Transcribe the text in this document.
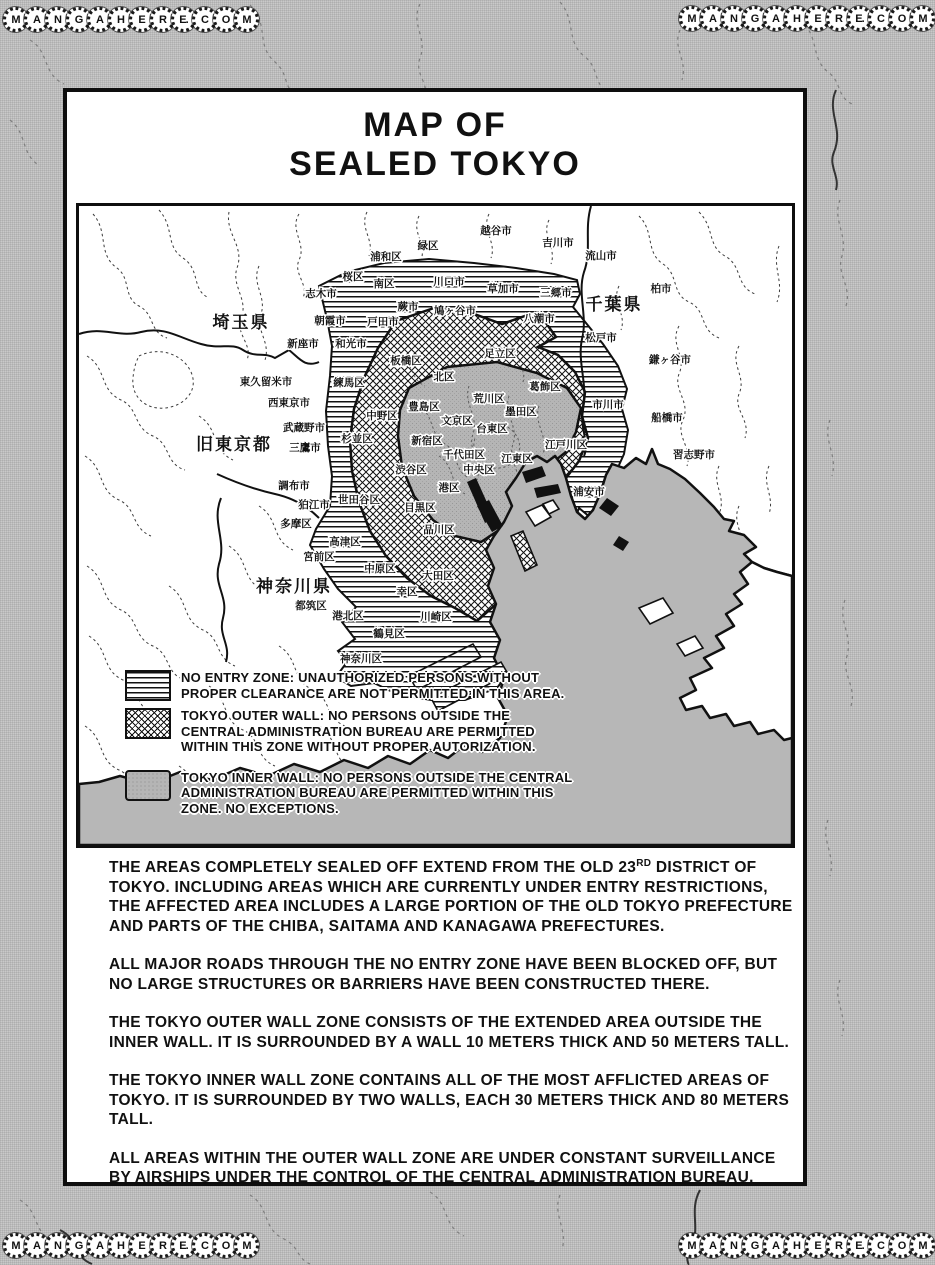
M	A	N	G	A	H	E	R	E.	C	O	M	M	A	N	G	A	H	E	R	E.	C	O	M
M	A	N	G	A	H	E	R	E.	C	O	M	M	A	N	G	A	H	E	R	E.	C	O	M
MAP OF
SEALED TOKYO
埼玉県
千葉県
旧東京都
神奈川県
越谷市
吉川市
流山市
柏市
緑区
浦和区
桜区
南区	川口市
草加市 三郷市
志木市
蕨市 鳩ヶ谷市
朝霞市 戸田市	八潮市
松戸市
新座市 和光市
鎌ヶ谷市
板橋区
足立区
北区
葛飾区
練馬区
東久留米市
荒川区	市川市
西東京市	豊島区	墨田区
中野区	文京区	船橋市
台東区
武蔵野市
杉並区	新宿区	江戸川区
三鷹市
千代田区	習志野市
江東区
渋谷区	中央区
調布市	港区	浦安市
世田谷区
狛江市	目黒区
多摩区	品川区
高津区
宮前区
中原区
大田区
幸区
都筑区
港北区	川崎区
鶴見区
神奈川区
NO ENTRY ZONE: UNAUTHORIZED PERSONS WITHOUT PROPER CLEARANCE ARE NOT PERMITTED IN THIS AREA.
TOKYO OUTER WALL: NO PERSONS OUTSIDE THE CENTRAL ADMINISTRATION BUREAU ARE PERMITTED WITHIN THIS ZONE WITHOUT PROPER AUTORIZATION.
TOKYO INNER WALL: NO PERSONS OUTSIDE THE CENTRAL ADMINISTRATION BUREAU ARE PERMITTED WITHIN THIS ZONE. NO EXCEPTIONS.

THE AREAS COMPLETELY SEALED OFF EXTEND FROM THE OLD 23RD DISTRICT OF TOKYO. INCLUDING AREAS WHICH ARE CURRENTLY UNDER ENTRY RESTRICTIONS, THE AFFECTED AREA INCLUDES A LARGE PORTION OF THE OLD TOKYO PREFECTURE AND PARTS OF THE CHIBA, SAITAMA AND KANAGAWA PREFECTURES.

ALL MAJOR ROADS THROUGH THE NO ENTRY ZONE HAVE BEEN BLOCKED OFF, BUT NO LARGE STRUCTURES OR BARRIERS HAVE BEEN CONSTRUCTED THERE.

THE TOKYO OUTER WALL ZONE CONSISTS OF THE EXTENDED AREA OUTSIDE THE INNER WALL. IT IS SURROUNDED BY A WALL 10 METERS THICK AND 50 METERS TALL.

THE TOKYO INNER WALL ZONE CONTAINS ALL OF THE MOST AFFLICTED AREAS OF TOKYO. IT IS SURROUNDED BY TWO WALLS, EACH 30 METERS THICK AND 80 METERS TALL.

ALL AREAS WITHIN THE OUTER WALL ZONE ARE UNDER CONSTANT SURVEILLANCE BY AIRSHIPS UNDER THE CONTROL OF THE CENTRAL ADMINISTRATION BUREAU.
